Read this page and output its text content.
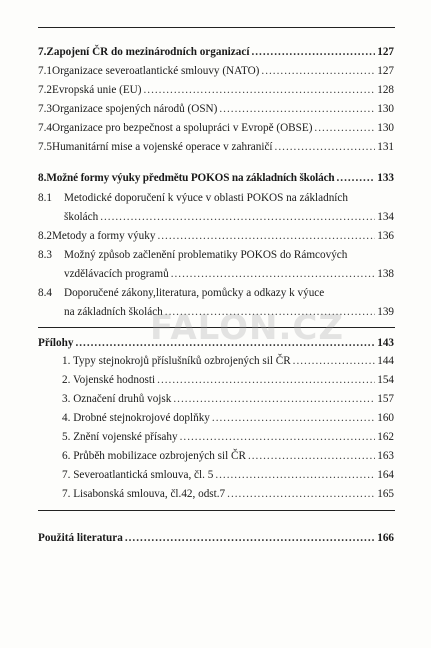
7. Zapojení ČR do mezinárodních organizací .....	127
7.1 Organizace severoatlantické smlouvy (NATO) .....	127
7.2 Evropská unie (EU) .....	128
7.3 Organizace spojených národů (OSN) .....	130
7.4 Organizace pro bezpečnost a spolupráci v Evropě (OBSE) .....	130
7.5 Humanitární mise a vojenské operace v zahraničí .....	131
8. Možné formy výuky předmětu POKOS na základních školách .....	133
8.1 Metodické doporučení k výuce v oblasti POKOS na základních
školách .....	134
8.2 Metody a formy výuky .....	136
8.3 Možný způsob začlenění problematiky POKOS do Rámcových
vzdělávacích programů .....	138
8.4 Doporučené zákony,literatura, pomůcky a odkazy k výuce
na základních školách .....	139
Přílohy .....	143
1. Typy stejnokrojů příslušníků ozbrojených sil ČR .....	144
2. Vojenské hodnosti .....	154
3. Označení druhů vojsk .....	157
4. Drobné stejnokrojové doplňky .....	160
5. Znění vojenské přísahy .....	162
6. Průběh mobilizace ozbrojených sil ČR .....	163
7. Severoatlantická smlouva, čl. 5 .....	164
7. Lisabonská smlouva, čl.42, odst.7 .....	165
Použitá literatura .....	166
FALON.CZ
